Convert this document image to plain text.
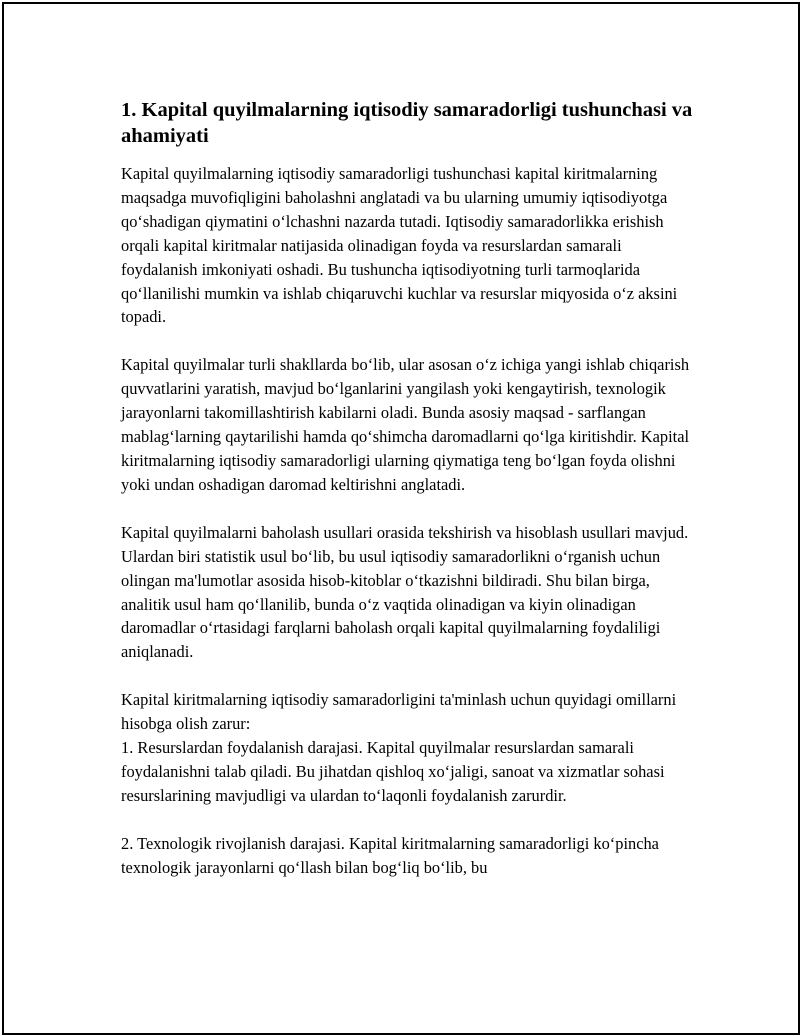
1. Kapital quyilmalarning iqtisodiy samaradorligi tushunchasi va ahamiyati

Kapital quyilmalarning iqtisodiy samaradorligi tushunchasi kapital kiritmalarning maqsadga muvofiqligini baholashni anglatadi va bu ularning umumiy iqtisodiyotga qo‘shadigan qiymatini o‘lchashni nazarda tutadi. Iqtisodiy samaradorlikka erishish orqali kapital kiritmalar natijasida olinadigan foyda va resurslardan samarali foydalanish imkoniyati oshadi. Bu tushuncha iqtisodiyotning turli tarmoqlarida qo‘llanilishi mumkin va ishlab chiqaruvchi kuchlar va resurslar miqyosida o‘z aksini topadi.

Kapital quyilmalar turli shakllarda bo‘lib, ular asosan o‘z ichiga yangi ishlab chiqarish quvvatlarini yaratish, mavjud bo‘lganlarini yangilash yoki kengaytirish, texnologik jarayonlarni takomillashtirish kabilarni oladi. Bunda asosiy maqsad - sarflangan mablag‘larning qaytarilishi hamda qo‘shimcha daromadlarni qo‘lga kiritishdir. Kapital kiritmalarning iqtisodiy samaradorligi ularning qiymatiga teng bo‘lgan foyda olishni yoki undan oshadigan daromad keltirishni anglatadi.

Kapital quyilmalarni baholash usullari orasida tekshirish va hisoblash usullari mavjud. Ulardan biri statistik usul bo‘lib, bu usul iqtisodiy samaradorlikni o‘rganish uchun olingan ma'lumotlar asosida hisob-kitoblar o‘tkazishni bildiradi. Shu bilan birga, analitik usul ham qo‘llanilib, bunda o‘z vaqtida olinadigan va kiyin olinadigan daromadlar o‘rtasidagi farqlarni baholash orqali kapital quyilmalarning foydaliligi aniqlanadi.

Kapital kiritmalarning iqtisodiy samaradorligini ta'minlash uchun quyidagi omillarni hisobga olish zarur:

1. Resurslardan foydalanish darajasi. Kapital quyilmalar resurslardan samarali foydalanishni talab qiladi. Bu jihatdan qishloq xo‘jaligi, sanoat va xizmatlar sohasi resurslarining mavjudligi va ulardan to‘laqonli foydalanish zarurdir.

2. Texnologik rivojlanish darajasi. Kapital kiritmalarning samaradorligi ko‘pincha texnologik jarayonlarni qo‘llash bilan bog‘liq bo‘lib, bu
